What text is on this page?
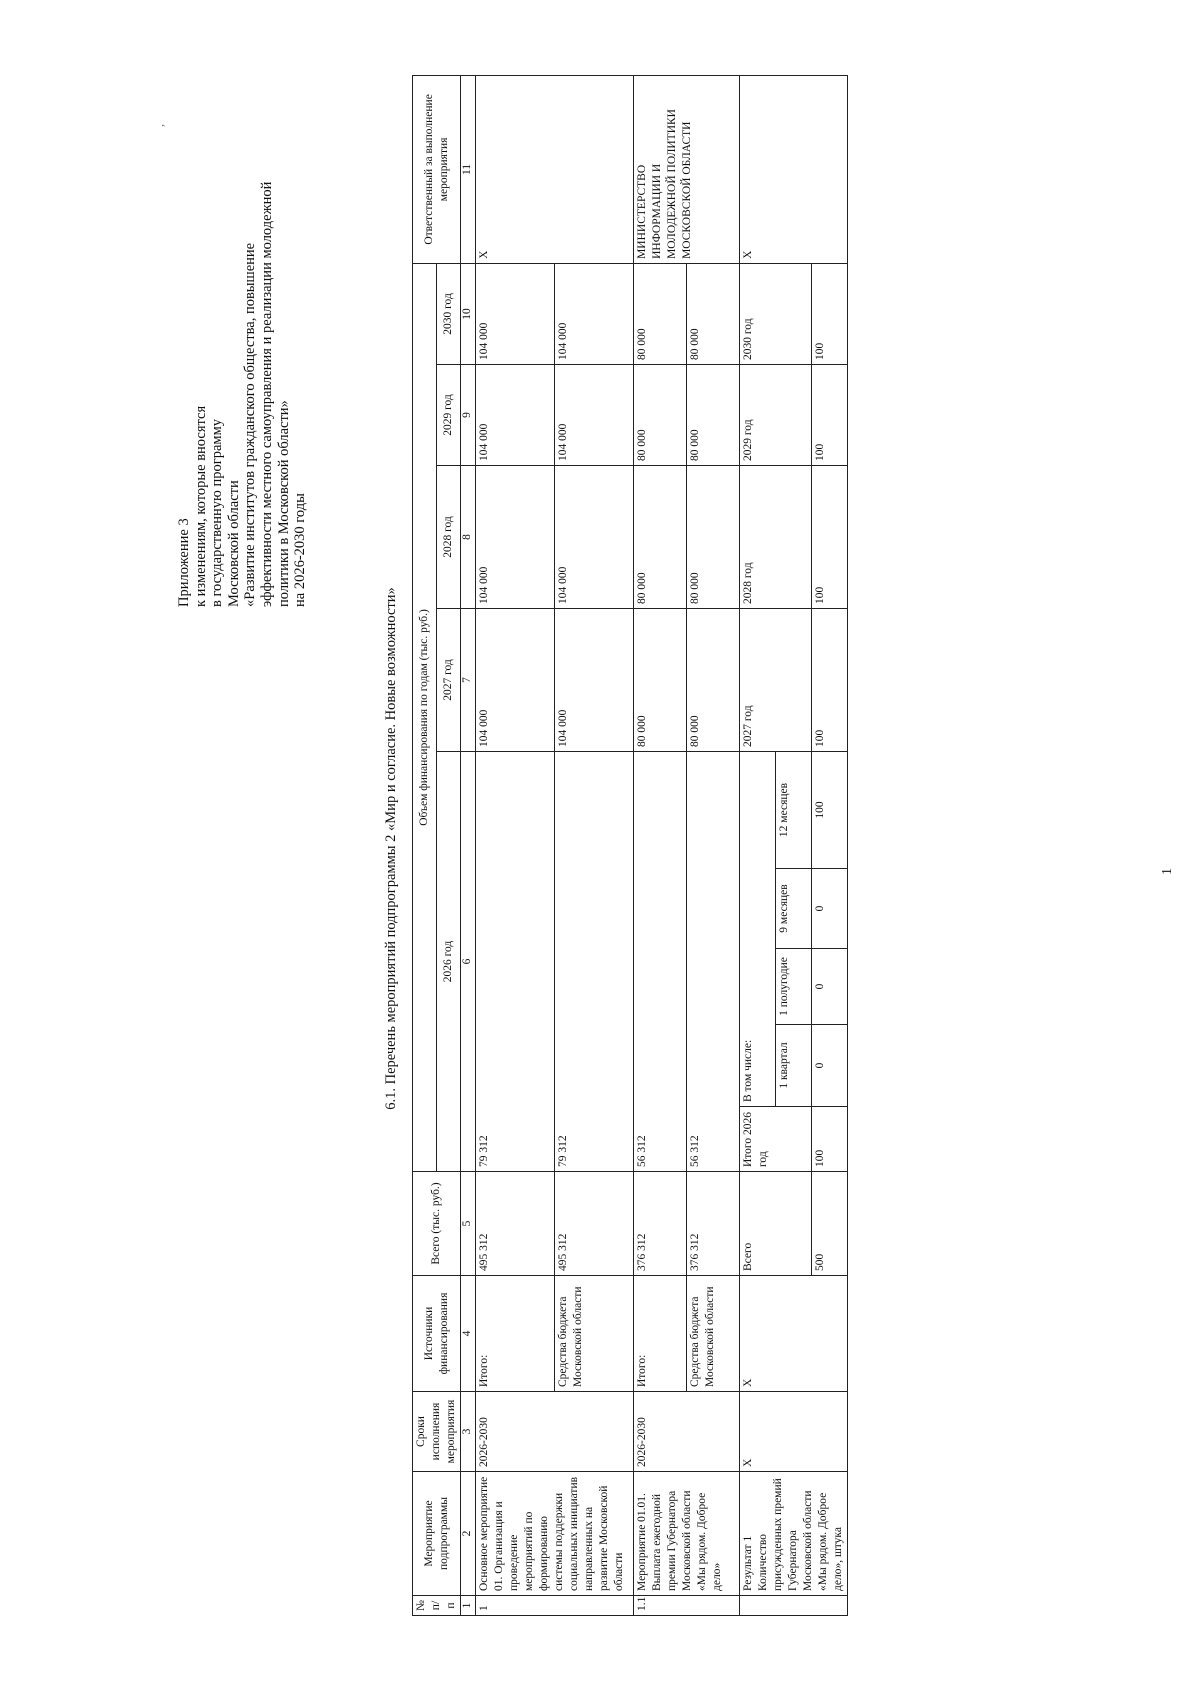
Приложение 3 к изменениям, которые вносятся в государственную программу Московской области «Развитие институтов гражданского общества, повышение эффективности местного самоуправления и реализации молодежной политики в Московской области» на 2026-2030 годы
,
6.1. Перечень мероприятий подпрограммы 2 «Мир и согласие. Новые возможности»
№ п/п	Мероприятие подпрограммы	Сроки исполнения мероприятия	Источники финансирования	Всего (тыс. руб.)	Объем финансирования по годам (тыс. руб.)									Ответственный за выполнение мероприятия
					2026 год					2027 год	2028 год	2029 год	2030 год	
1	2	3	4	5	6					7	8	9	10	11
1	Основное мероприятие 01. Организация и проведение мероприятий по формированию системы поддержки социальных инициатив направленных на развитие Московской области	2026-2030	Итого:	495 312	79 312					104 000	104 000	104 000	104 000	X
			Средства бюджета Московской области	495 312	79 312					104 000	104 000	104 000	104 000	
1.1	Мероприятие 01.01. Выплата ежегодной премии Губернатора Московской области «Мы рядом. Доброе дело»	2026-2030	Итого:	376 312	56 312					80 000	80 000	80 000	80 000	МИНИСТЕРСТВО ИНФОРМАЦИИ И МОЛОДЕЖНОЙ ПОЛИТИКИ МОСКОВСКОЙ ОБЛАСТИ
			Средства бюджета Московской области	376 312	56 312					80 000	80 000	80 000	80 000	
	Результат 1 Количество присужденных премий Губернатора Московской области «Мы рядом. Доброе дело», штука	X	X	Всего	Итого 2026 год	В том числе:				2027 год	2028 год	2029 год	2030 год	X
						1 квартал	1 полугодие	9 месяцев	12 месяцев					
				500	100	0	0	0	100	100	100	100	100	
1
